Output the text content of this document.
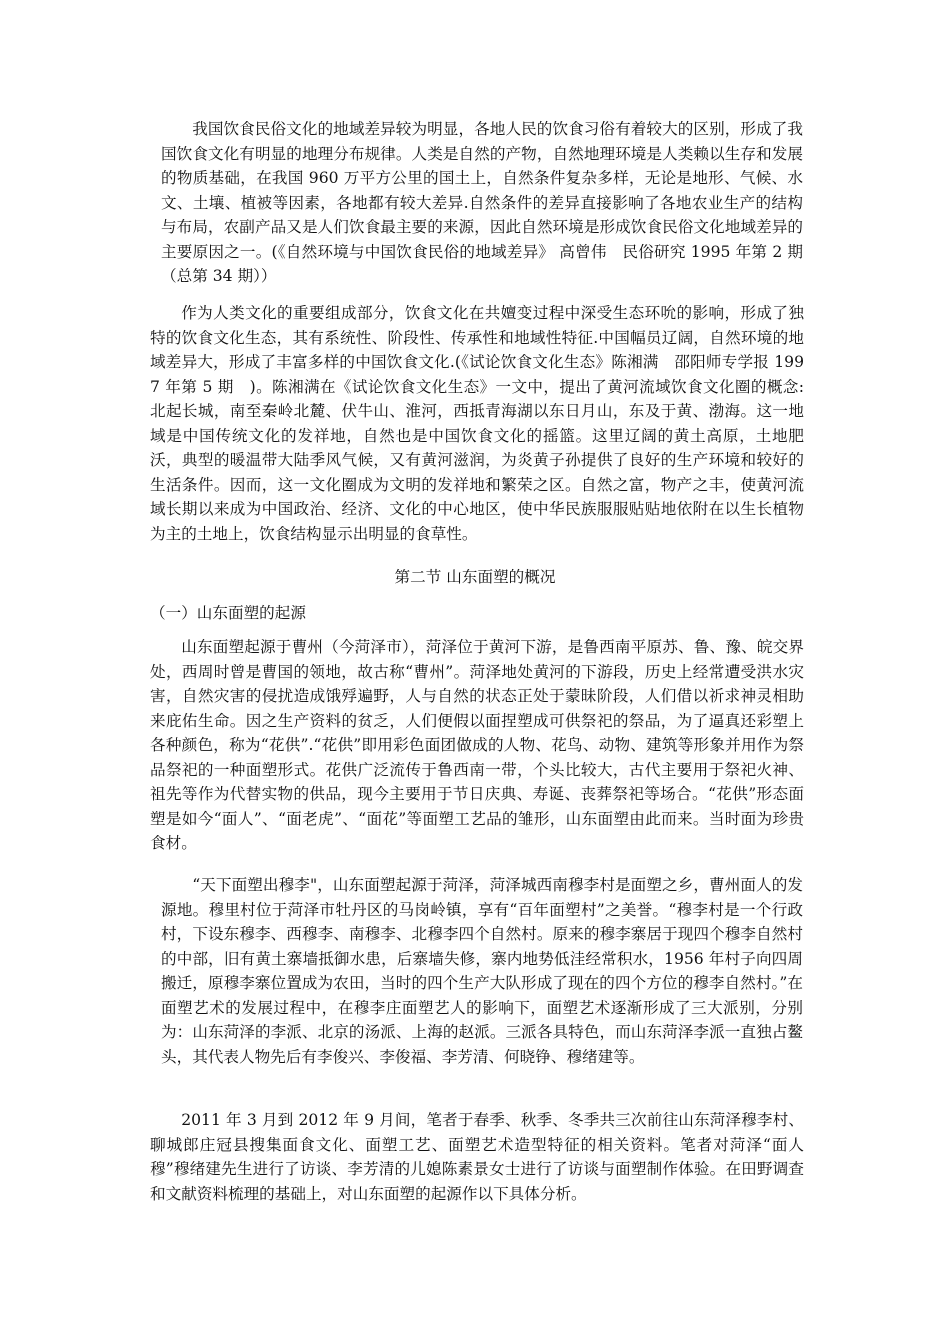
我国饮食民俗文化的地域差异较为明显，各地人民的饮食习俗有着较大的区别，形成了我国饮食文化有明显的地理分布规律。人类是自然的产物，自然地理环境是人类赖以生存和发展的物质基础，在我国 960 万平方公里的国土上，自然条件复杂多样，无论是地形、气候、水文、土壤、植被等因素，各地都有较大差异.自然条件的差异直接影响了各地农业生产的结构与布局，农副产品又是人们饮食最主要的来源，因此自然环境是形成饮食民俗文化地域差异的主要原因之一。(《自然环境与中国饮食民俗的地域差异》 高曾伟　民俗研究 1995 年第 2 期（总第 34 期））

作为人类文化的重要组成部分，饮食文化在共嬗变过程中深受生态环吮的影响，形成了独特的饮食文化生态，其有系统性、阶段性、传承性和地域性特征.中国幅员辽阔，自然环境的地域差异大，形成了丰富多样的中国饮食文化.(《试论饮食文化生态》陈湘满　邵阳师专学报 1997 年第 5 期　)。陈湘满在《试论饮食文化生态》一文中，提出了黄河流域饮食文化圈的概念:北起长城，南至秦岭北麓、伏牛山、淮河，西抵青海湖以东日月山，东及于黄、渤海。这一地域是中国传统文化的发祥地，自然也是中国饮食文化的摇篮。这里辽阔的黄土高原，土地肥沃，典型的暖温带大陆季风气候，又有黄河滋润，为炎黄子孙提供了良好的生产环境和较好的生活条件。因而，这一文化圈成为文明的发祥地和繁荣之区。自然之富，物产之丰，使黄河流域长期以来成为中国政治、经济、文化的中心地区，使中华民族服服贴贴地依附在以生长植物为主的土地上，饮食结构显示出明显的食草性。

第二节 山东面塑的概况
（一）山东面塑的起源

山东面塑起源于曹州（今菏泽市），菏泽位于黄河下游，是鲁西南平原苏、鲁、豫、皖交界处，西周时曾是曹国的领地，故古称“曹州”。菏泽地处黄河的下游段，历史上经常遭受洪水灾害，自然灾害的侵扰造成饿殍遍野，人与自然的状态正处于蒙昧阶段，人们借以祈求神灵相助来庇佑生命。因之生产资料的贫乏，人们便假以面捏塑成可供祭祀的祭品，为了逼真还彩塑上各种颜色，称为“花供”.“花供”即用彩色面团做成的人物、花鸟、动物、建筑等形象并用作为祭品祭祀的一种面塑形式。花供广泛流传于鲁西南一带，个头比较大，古代主要用于祭祀火神、祖先等作为代替实物的供品，现今主要用于节日庆典、寿诞、丧葬祭祀等场合。“花供”形态面塑是如今“面人”、“面老虎”、“面花”等面塑工艺品的雏形，山东面塑由此而来。当时面为珍贵食材。

“天下面塑出穆李"，山东面塑起源于菏泽，菏泽城西南穆李村是面塑之乡，曹州面人的发源地。穆里村位于菏泽市牡丹区的马岗岭镇，享有“百年面塑村”之美誉。“穆李村是一个行政村，下设东穆李、西穆李、南穆李、北穆李四个自然村。原来的穆李寨居于现四个穆李自然村的中部，旧有黄土寨墙抵御水患，后寨墙失修，寨内地势低洼经常积水，1956 年村子向四周搬迁，原穆李寨位置成为农田，当时的四个生产大队形成了现在的四个方位的穆李自然村。”在面塑艺术的发展过程中，在穆李庄面塑艺人的影响下，面塑艺术逐渐形成了三大派别，分别为：山东菏泽的李派、北京的汤派、上海的赵派。三派各具特色，而山东菏泽李派一直独占鳌头，其代表人物先后有李俊兴、李俊福、李芳清、何晓铮、穆绪建等。

2011 年 3 月到 2012 年 9 月间，笔者于春季、秋季、冬季共三次前往山东菏泽穆李村、聊城郎庄冠县搜集面食文化、面塑工艺、面塑艺术造型特征的相关资料。笔者对菏泽“面人穆”穆绪建先生进行了访谈、李芳清的儿媳陈素景女士进行了访谈与面塑制作体验。在田野调查和文献资料梳理的基础上，对山东面塑的起源作以下具体分析。
